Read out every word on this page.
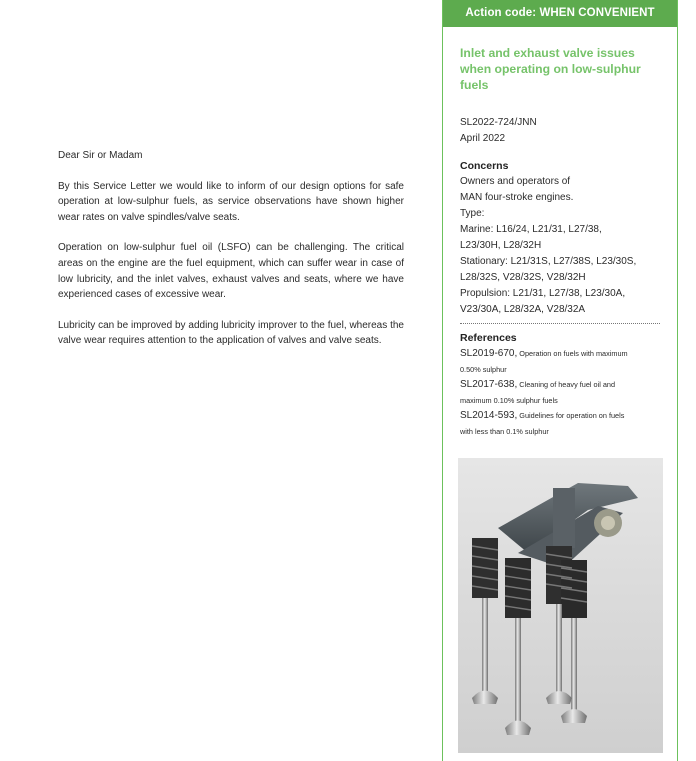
Dear Sir or Madam

By this Service Letter we would like to inform of our design options for safe operation at low-sulphur fuels, as service observations have shown higher wear rates on valve spindles/valve seats.

Operation on low-sulphur fuel oil (LSFO) can be challenging. The critical areas on the engine are the fuel equipment, which can suffer wear in case of low lubricity, and the inlet valves, exhaust valves and seats, where we have experienced cases of excessive wear.

Lubricity can be improved by adding lubricity improver to the fuel, whereas the valve wear requires attention to the application of valves and valve seats.

Action code: WHEN CONVENIENT

Inlet and exhaust valve issues when operating on low-sulphur fuels

SL2022-724/JNN

April 2022

Concerns

Owners and operators of

MAN four-stroke engines.

Type:

Marine: L16/24, L21/31, L27/38,

L23/30H, L28/32H

Stationary: L21/31S, L27/38S, L23/30S,

L28/32S, V28/32S, V28/32H

Propulsion: L21/31, L27/38, L23/30A,

V23/30A, L28/32A, V28/32A

References

SL2019-670, Operation on fuels with maximum
0.50% sulphur

SL2017-638, Cleaning of heavy fuel oil and
maximum 0.10% sulphur fuels

SL2014-593, Guidelines for operation on fuels
with less than 0.1% sulphur
